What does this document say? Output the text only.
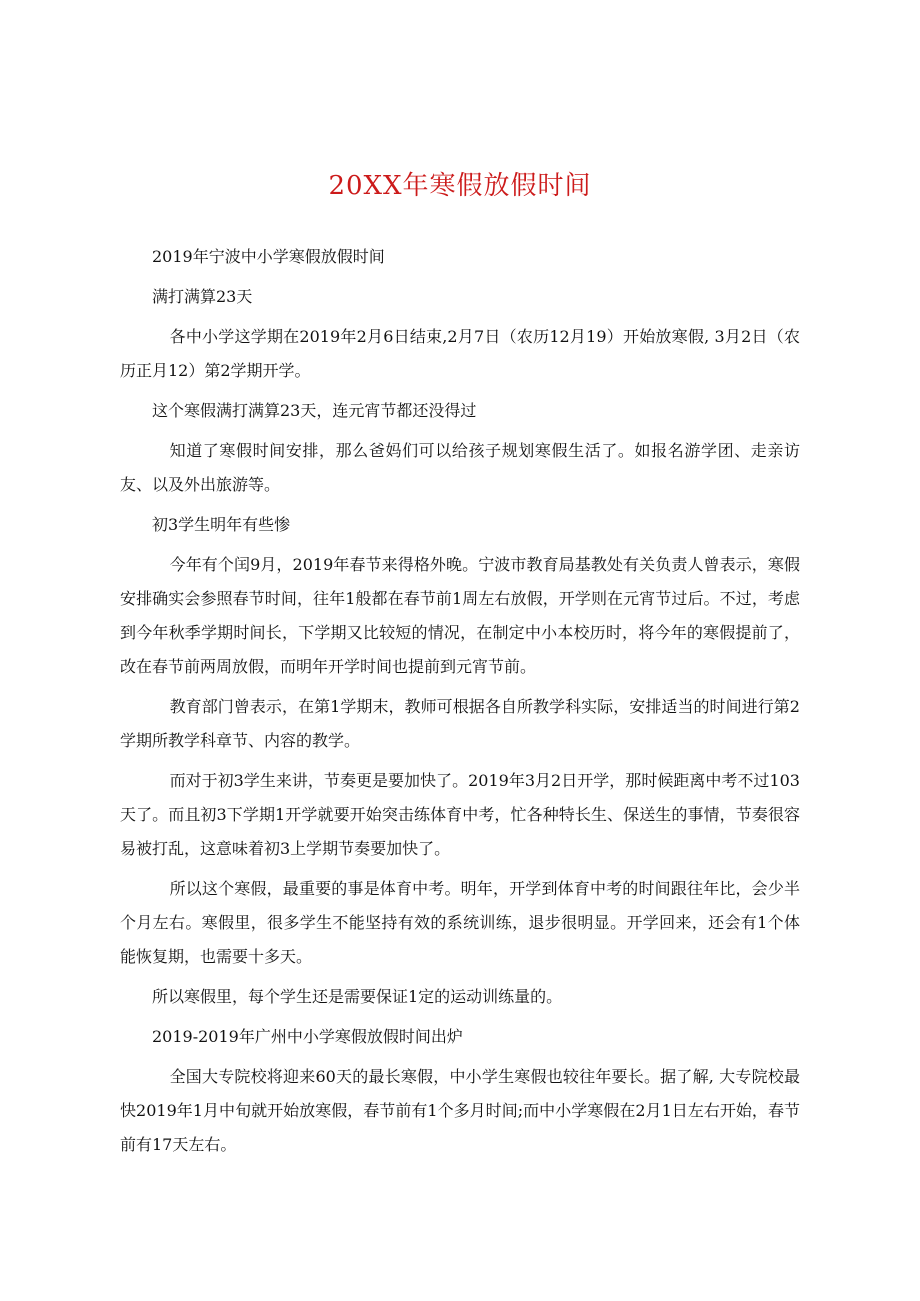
20XX年寒假放假时间

2019年宁波中小学寒假放假时间

满打满算23天

各中小学这学期在2019年2月6日结束,2月7日（农历12月19）开始放寒假, 3月2日（农历正月12）第2学期开学。

这个寒假满打满算23天，连元宵节都还没得过

知道了寒假时间安排，那么爸妈们可以给孩子规划寒假生活了。如报名游学团、走亲访友、以及外出旅游等。

初3学生明年有些惨

今年有个闰9月，2019年春节来得格外晚。宁波市教育局基教处有关负责人曾表示，寒假安排确实会参照春节时间，往年1般都在春节前1周左右放假，开学则在元宵节过后。不过，考虑到今年秋季学期时间长，下学期又比较短的情况，在制定中小本校历时，将今年的寒假提前了，改在春节前两周放假，而明年开学时间也提前到元宵节前。

教育部门曾表示，在第1学期末，教师可根据各自所教学科实际，安排适当的时间进行第2学期所教学科章节、内容的教学。

而对于初3学生来讲，节奏更是要加快了。2019年3月2日开学，那时候距离中考不过103天了。而且初3下学期1开学就要开始突击练体育中考，忙各种特长生、保送生的事情，节奏很容易被打乱，这意味着初3上学期节奏要加快了。

所以这个寒假，最重要的事是体育中考。明年，开学到体育中考的时间跟往年比，会少半个月左右。寒假里，很多学生不能坚持有效的系统训练，退步很明显。开学回来，还会有1个体能恢复期，也需要十多天。

所以寒假里，每个学生还是需要保证1定的运动训练量的。

2019-2019年广州中小学寒假放假时间出炉

全国大专院校将迎来60天的最长寒假，中小学生寒假也较往年要长。据了解, 大专院校最快2019年1月中旬就开始放寒假，春节前有1个多月时间;而中小学寒假在2月1日左右开始，春节前有17天左右。
